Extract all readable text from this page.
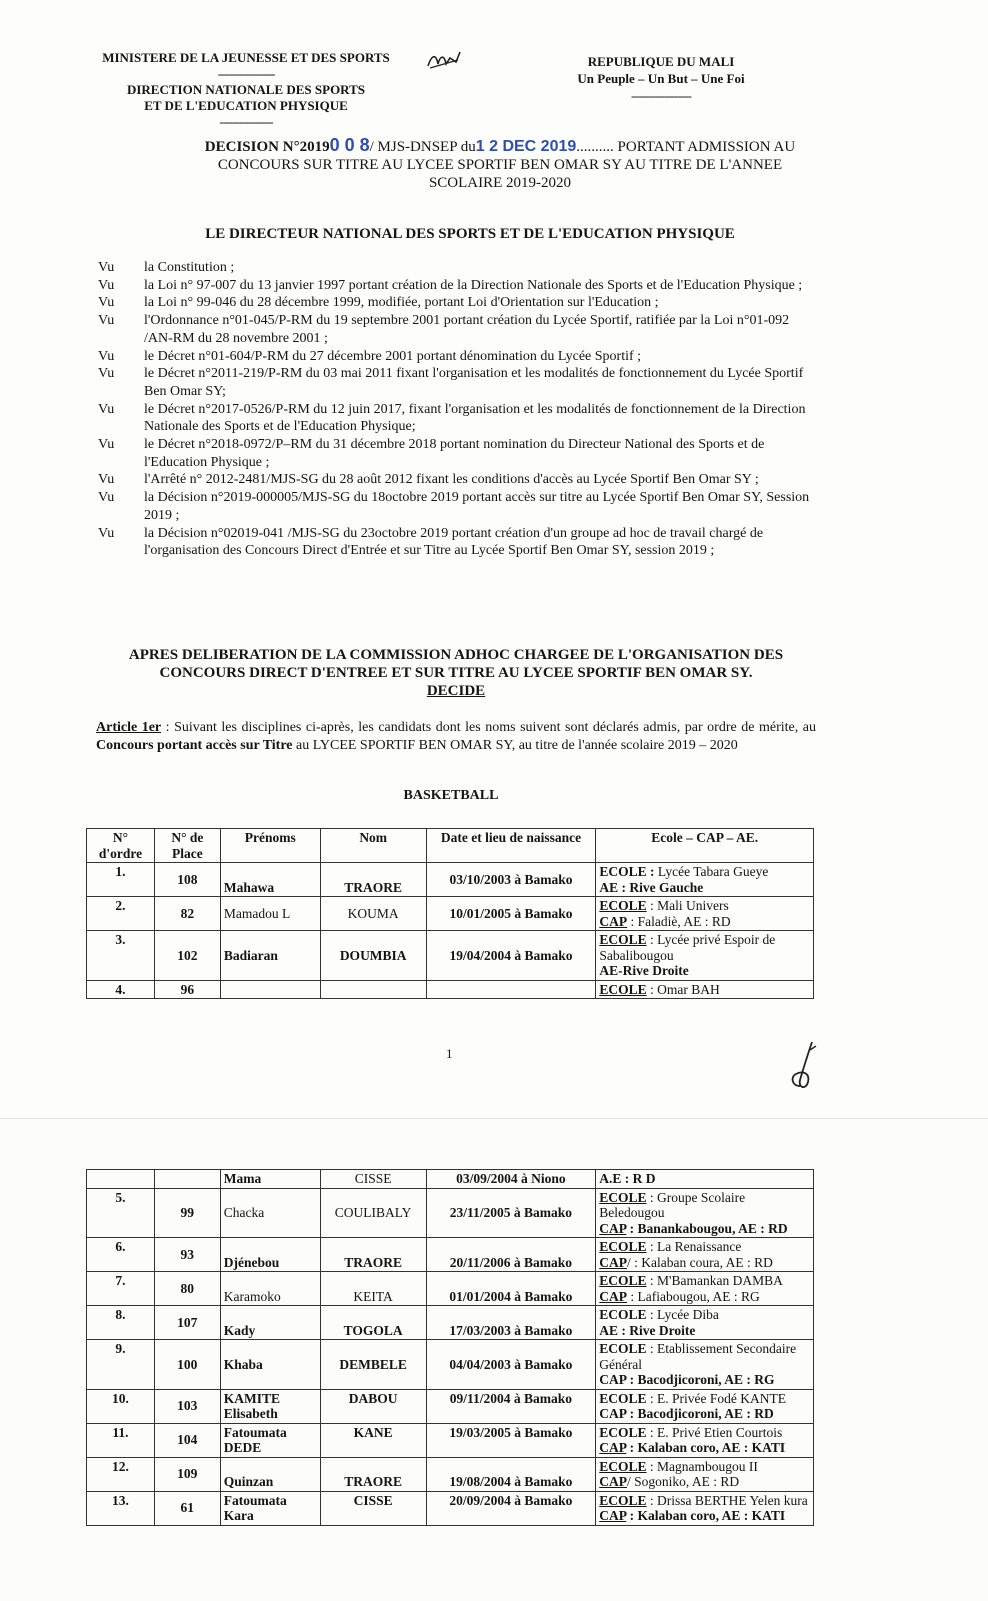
MINISTERE DE LA JEUNESSE ET DES SPORTS
-----------------
DIRECTION NATIONALE DES SPORTS
ET DE L'EDUCATION PHYSIQUE
----------------
REPUBLIQUE DU MALI
Un Peuple – Un But – Une Foi
------------------
DECISION N°20190 0 8/ MJS-DNSEP du1 2 DEC 2019.......... PORTANT ADMISSION AU CONCOURS SUR TITRE AU LYCEE SPORTIF BEN OMAR SY AU TITRE DE L'ANNEE SCOLAIRE 2019-2020
LE DIRECTEUR NATIONAL DES SPORTS ET DE L'EDUCATION PHYSIQUE
Vu	la Constitution ;
Vu	la Loi n° 97-007 du 13 janvier 1997 portant création de la Direction Nationale des Sports et de l'Education Physique ;
Vu	la Loi n° 99-046 du 28 décembre 1999, modifiée, portant Loi d'Orientation sur l'Education ;
Vu	l'Ordonnance n°01-045/P-RM du 19 septembre 2001 portant création du Lycée Sportif, ratifiée par la Loi n°01-092 /AN-RM du 28 novembre 2001 ;
Vu	le Décret n°01-604/P-RM du 27 décembre 2001 portant dénomination du Lycée Sportif ;
Vu	le Décret n°2011-219/P-RM du 03 mai 2011 fixant l'organisation et les modalités de fonctionnement du Lycée Sportif Ben Omar SY;
Vu	le Décret n°2017-0526/P-RM du 12 juin 2017, fixant l'organisation et les modalités de fonctionnement de la Direction Nationale des Sports et de l'Education Physique;
Vu	le Décret n°2018-0972/P–RM du 31 décembre 2018 portant nomination du Directeur National des Sports et de l'Education Physique ;
Vu	l'Arrêté n° 2012-2481/MJS-SG du 28 août 2012 fixant les conditions d'accès au Lycée Sportif Ben Omar SY ;
Vu	la Décision n°2019-000005/MJS-SG du 18octobre 2019 portant accès sur titre au Lycée Sportif Ben Omar SY, Session 2019 ;
Vu	la Décision n°02019-041 /MJS-SG du 23octobre 2019 portant création d'un groupe ad hoc de travail chargé de l'organisation des Concours Direct d'Entrée et sur Titre au Lycée Sportif Ben Omar SY, session 2019 ;
APRES DELIBERATION DE LA COMMISSION ADHOC CHARGEE DE L'ORGANISATION DES
CONCOURS DIRECT D'ENTREE ET SUR TITRE AU LYCEE SPORTIF BEN OMAR SY.
DECIDE
Article 1er : Suivant les disciplines ci-après, les candidats dont les noms suivent sont déclarés admis, par ordre de mérite, au Concours portant accès sur Titre au LYCEE SPORTIF BEN OMAR SY, au titre de l'année scolaire 2019 – 2020
BASKETBALL
N° d'ordre	N° de Place	Prénoms	Nom	Date et lieu de naissance	Ecole – CAP – AE.
1.	108	Mahawa	TRAORE	03/10/2003 à Bamako	ECOLE : Lycée Tabara Gueye
AE : Rive Gauche

2.	82	Mamadou L	KOUMA	10/01/2005 à Bamako	ECOLE : Mali Univers
CAP : Faladiè, AE : RD

3.	102	Badiaran	DOUMBIA	19/04/2004 à Bamako	ECOLE : Lycée privé Espoir de Sabalibougou
AE-Rive Droite

4.	96				ECOLE : Omar BAH
1
		Mama	CISSE	03/09/2004 à Niono	A.E : R D
5.	99	Chacka	COULIBALY	23/11/2005 à Bamako	ECOLE : Groupe Scolaire Beledougou
CAP : Banankabougou, AE : RD

6.	93	Djénebou	TRAORE	20/11/2006 à Bamako	ECOLE : La Renaissance
CAP/ : Kalaban coura, AE : RD

7.	80	Karamoko	KEITA	01/01/2004 à Bamako	ECOLE : M'Bamankan DAMBA
CAP : Lafiabougou, AE : RG

8.	107	Kady	TOGOLA	17/03/2003 à Bamako	ECOLE : Lycée Diba
AE : Rive Droite

9.	100	Khaba	DEMBELE	04/04/2003 à Bamako	ECOLE : Etablissement Secondaire Général
CAP : Bacodjicoroni, AE : RG

10.	103	KAMITE Elisabeth	DABOU	09/11/2004 à Bamako	ECOLE : E. Privée Fodé KANTE
CAP : Bacodjicoroni, AE : RD

11.	104	Fatoumata DEDE	KANE	19/03/2005 à Bamako	ECOLE : E. Privé Etien Courtois
CAP : Kalaban coro, AE : KATI

12.	109	Quinzan	TRAORE	19/08/2004 à Bamako	ECOLE : Magnambougou II
CAP/ Sogoniko, AE : RD

13.	61	Fatoumata Kara	CISSE	20/09/2004 à Bamako	ECOLE : Drissa BERTHE Yelen kura
CAP : Kalaban coro, AE : KATI
